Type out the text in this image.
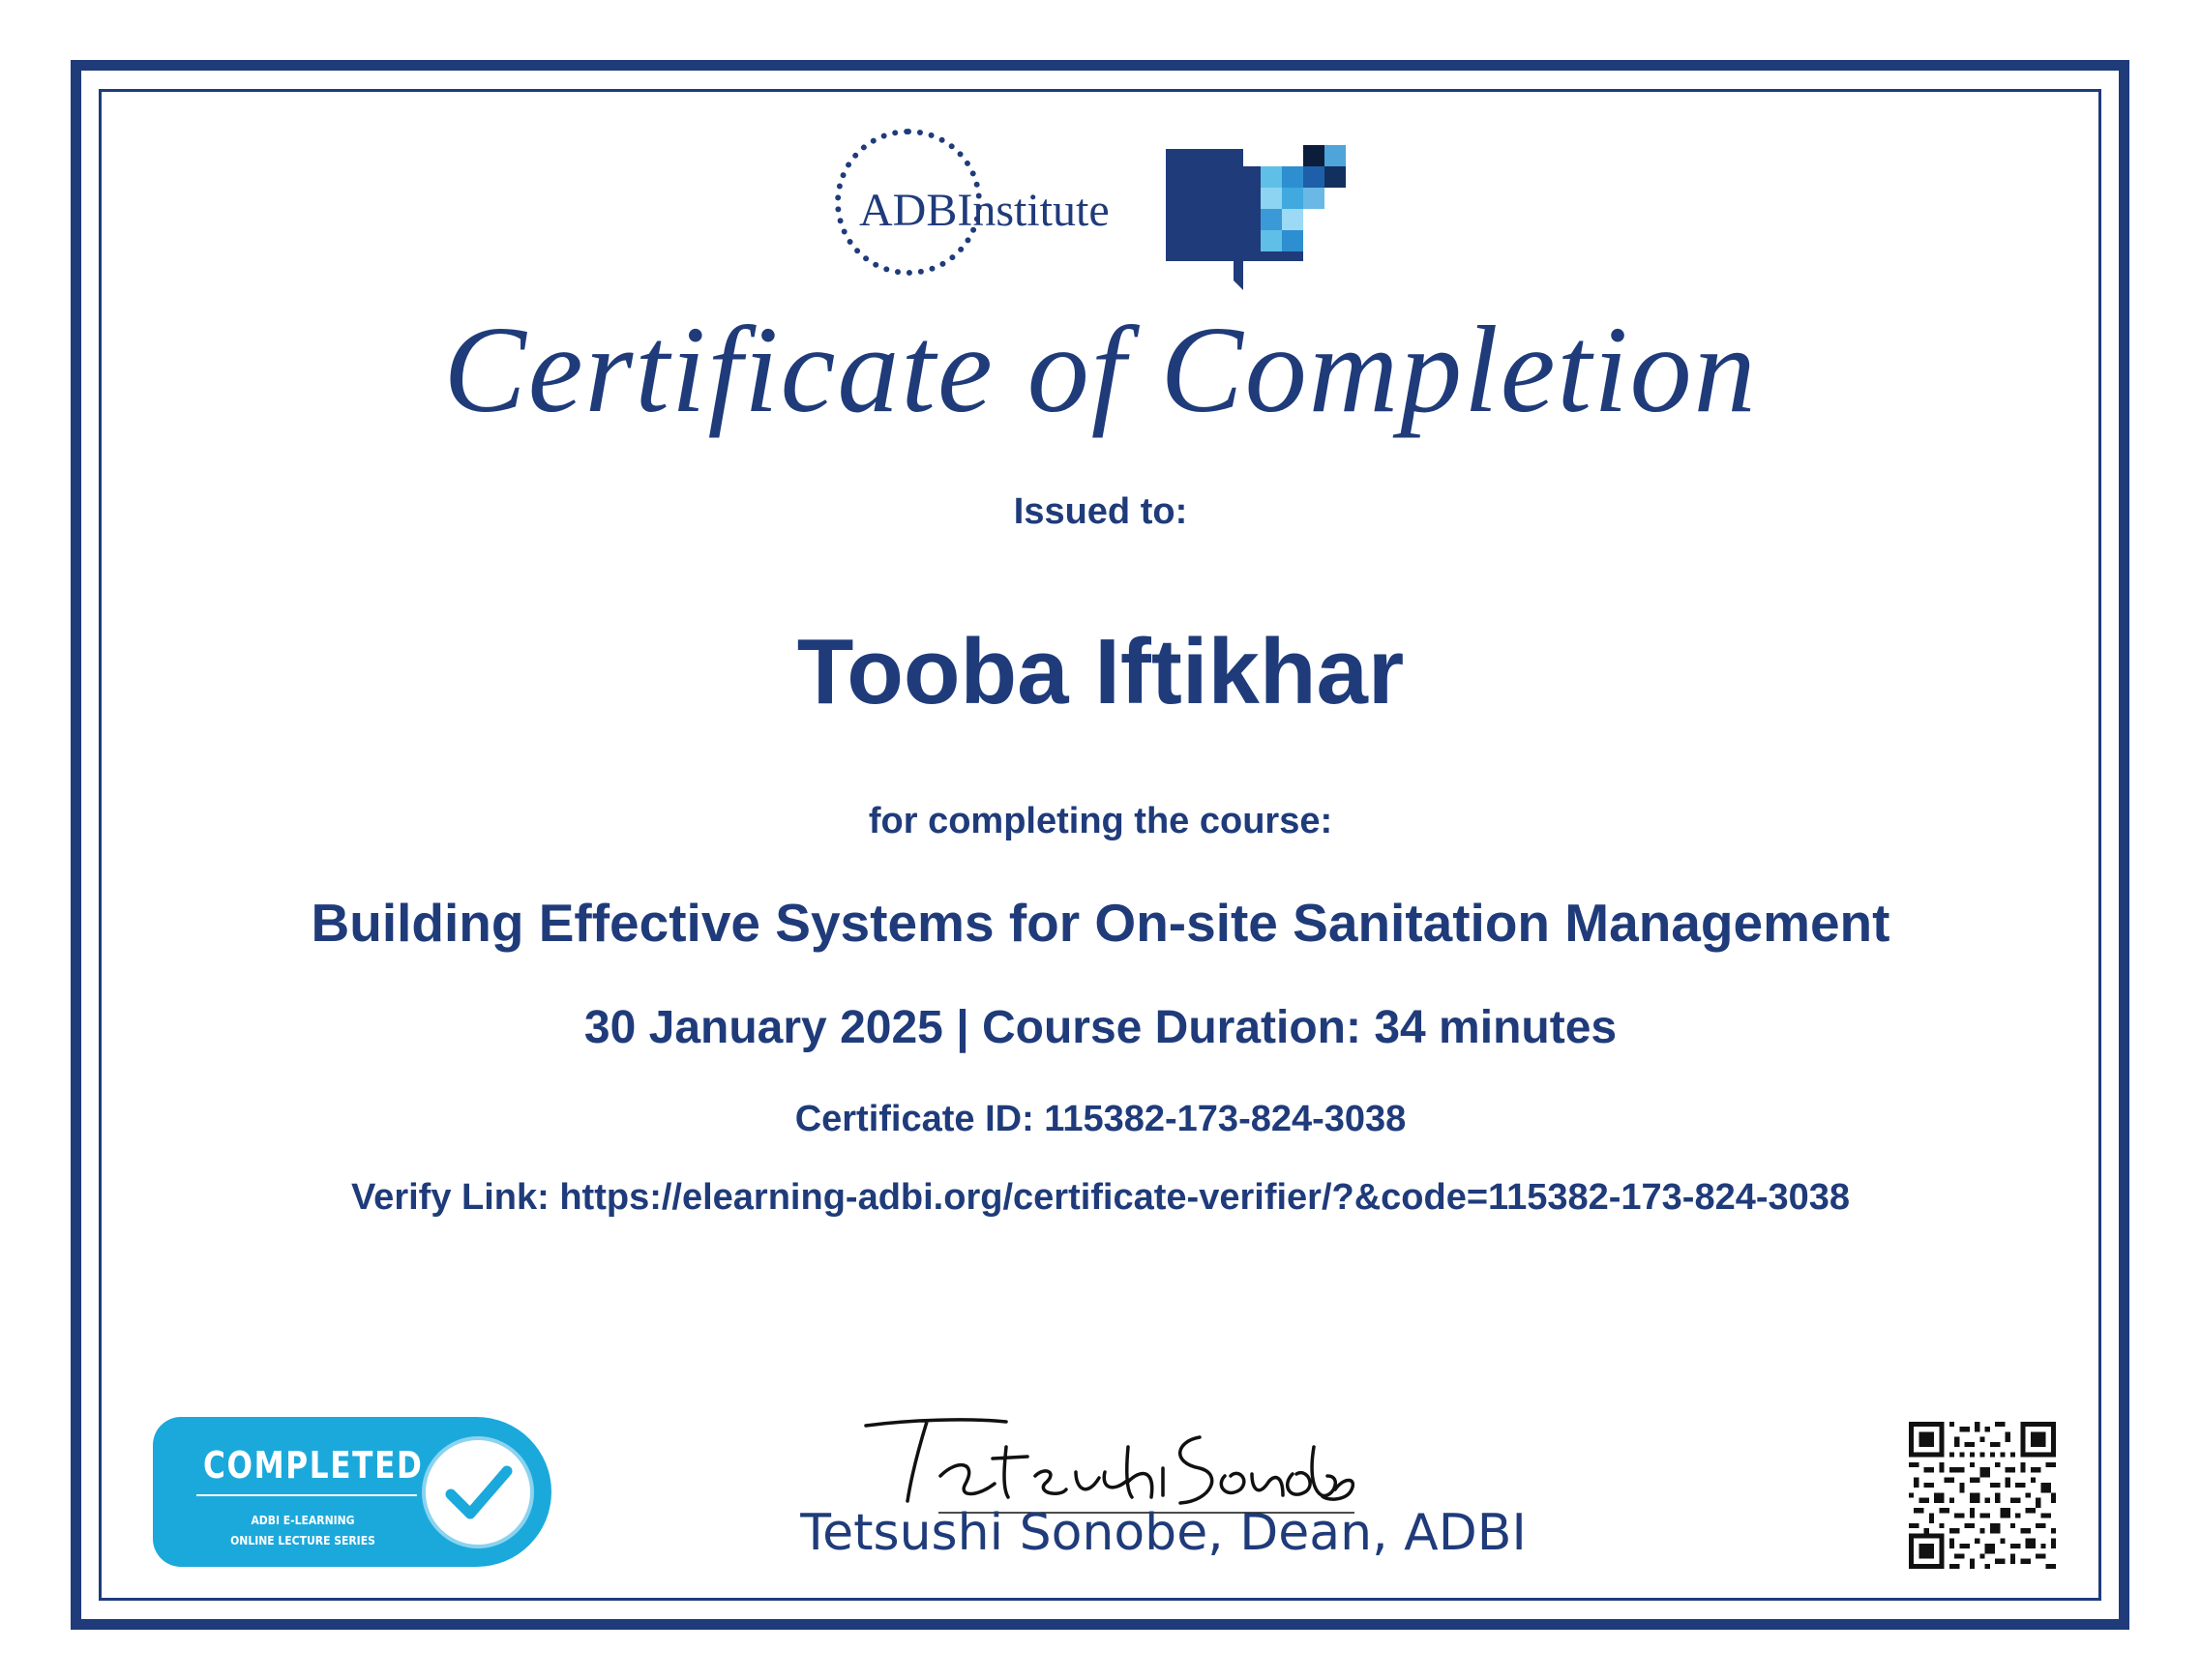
ADBInstitute
Certificate of Completion
Issued to:
Tooba Iftikhar
for completing the course:
Building Effective Systems for On-site Sanitation Management
30 January 2025 | Course Duration: 34 minutes
Certificate ID: 115382-173-824-3038
Verify Link: https://elearning-adbi.org/certificate-verifier/?&code=115382-173-824-3038
COMPLETED
ADBI E-LEARNING
ONLINE LECTURE SERIES	Tetsushi Sonobe, Dean, ADBI
